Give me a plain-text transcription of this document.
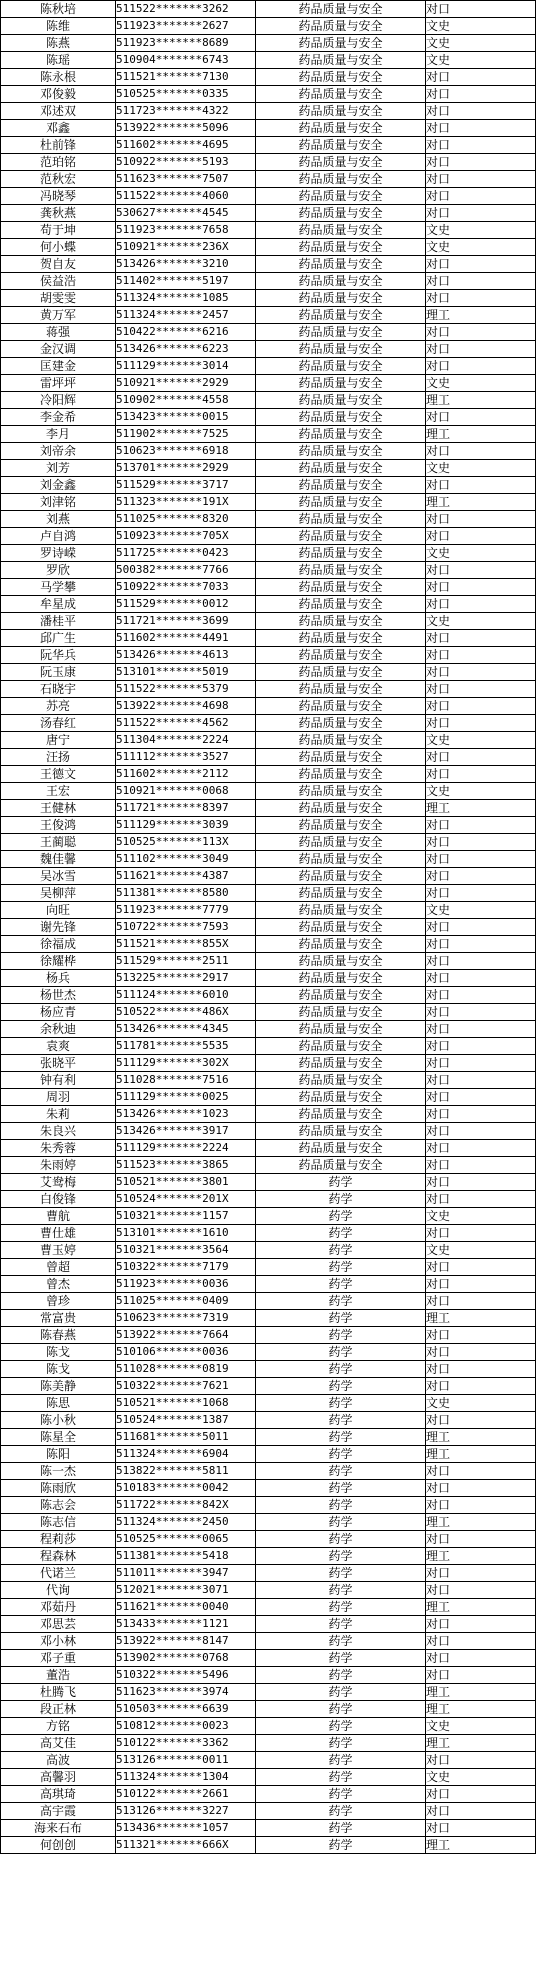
陈秋培	511522*******3262	药品质量与安全	对口
陈维	511923*******2627	药品质量与安全	文史
陈燕	511923*******8689	药品质量与安全	文史
陈瑶	510904*******6743	药品质量与安全	文史
陈永根	511521*******7130	药品质量与安全	对口
邓俊毅	510525*******0335	药品质量与安全	对口
邓述双	511723*******4322	药品质量与安全	对口
邓鑫	513922*******5096	药品质量与安全	对口
杜前锋	511602*******4695	药品质量与安全	对口
范珀铭	510922*******5193	药品质量与安全	对口
范秋宏	511623*******7507	药品质量与安全	对口
冯晓琴	511522*******4060	药品质量与安全	对口
龚秋燕	530627*******4545	药品质量与安全	对口
苟于坤	511923*******7658	药品质量与安全	文史
何小蝶	510921*******236X	药品质量与安全	文史
贺自友	513426*******3210	药品质量与安全	对口
侯益浩	511402*******5197	药品质量与安全	对口
胡雯雯	511324*******1085	药品质量与安全	对口
黄万军	511324*******2457	药品质量与安全	理工
蒋强	510422*******6216	药品质量与安全	对口
金汉调	513426*******6223	药品质量与安全	对口
匡建金	511129*******3014	药品质量与安全	对口
雷坪坪	510921*******2929	药品质量与安全	文史
冷阳辉	510902*******4558	药品质量与安全	理工
李金希	513423*******0015	药品质量与安全	对口
李月	511902*******7525	药品质量与安全	理工
刘帝余	510623*******6918	药品质量与安全	对口
刘芳	513701*******2929	药品质量与安全	文史
刘金鑫	511529*******3717	药品质量与安全	对口
刘津铭	511323*******191X	药品质量与安全	理工
刘燕	511025*******8320	药品质量与安全	对口
卢自鸿	510923*******705X	药品质量与安全	对口
罗诗嵘	511725*******0423	药品质量与安全	文史
罗欣	500382*******7766	药品质量与安全	对口
马学攀	510922*******7033	药品质量与安全	对口
牟星成	511529*******0012	药品质量与安全	对口
潘桂平	511721*******3699	药品质量与安全	文史
邱广生	511602*******4491	药品质量与安全	对口
阮华兵	513426*******4613	药品质量与安全	对口
阮玉康	513101*******5019	药品质量与安全	对口
石晓宇	511522*******5379	药品质量与安全	对口
苏亮	513922*******4698	药品质量与安全	对口
汤春红	511522*******4562	药品质量与安全	对口
唐宁	511304*******2224	药品质量与安全	文史
汪扬	511112*******3527	药品质量与安全	对口
王德文	511602*******2112	药品质量与安全	对口
王宏	510921*******0068	药品质量与安全	文史
王健林	511721*******8397	药品质量与安全	理工
王俊鸿	511129*******3039	药品质量与安全	对口
王蔺聪	510525*******113X	药品质量与安全	对口
魏佳馨	511102*******3049	药品质量与安全	对口
吴冰雪	511621*******4387	药品质量与安全	对口
吴柳萍	511381*******8580	药品质量与安全	对口
向旺	511923*******7779	药品质量与安全	文史
谢先锋	510722*******7593	药品质量与安全	对口
徐福成	511521*******855X	药品质量与安全	对口
徐耀桦	511529*******2511	药品质量与安全	对口
杨兵	513225*******2917	药品质量与安全	对口
杨世杰	511124*******6010	药品质量与安全	对口
杨应青	510522*******486X	药品质量与安全	对口
余秋迪	513426*******4345	药品质量与安全	对口
袁爽	511781*******5535	药品质量与安全	对口
张晓平	511129*******302X	药品质量与安全	对口
钟有利	511028*******7516	药品质量与安全	对口
周羽	511129*******0025	药品质量与安全	对口
朱莉	513426*******1023	药品质量与安全	对口
朱良兴	513426*******3917	药品质量与安全	对口
朱秀蓉	511129*******2224	药品质量与安全	对口
朱雨婷	511523*******3865	药品质量与安全	对口
艾鸯梅	510521*******3801	药学	对口
白俊锋	510524*******201X	药学	对口
曹航	510321*******1157	药学	文史
曹仕雄	513101*******1610	药学	对口
曹玉婷	510321*******3564	药学	文史
曾超	510322*******7179	药学	对口
曾杰	511923*******0036	药学	对口
曾珍	511025*******0409	药学	对口
常富贵	510623*******7319	药学	理工
陈春燕	513922*******7664	药学	对口
陈戈	510106*******0036	药学	对口
陈戈	511028*******0819	药学	对口
陈美静	510322*******7621	药学	对口
陈思	510521*******1068	药学	文史
陈小秋	510524*******1387	药学	对口
陈星全	511681*******5011	药学	理工
陈阳	511324*******6904	药学	理工
陈一杰	513822*******5811	药学	对口
陈雨欣	510183*******0042	药学	对口
陈志会	511722*******842X	药学	对口
陈志信	511324*******2450	药学	理工
程莉莎	510525*******0065	药学	对口
程森林	511381*******5418	药学	理工
代诺兰	511011*******3947	药学	对口
代询	512021*******3071	药学	对口
邓茹丹	511621*******0040	药学	理工
邓思芸	513433*******1121	药学	对口
邓小林	513922*******8147	药学	对口
邓子重	513902*******0768	药学	对口
董浩	510322*******5496	药学	对口
杜腾飞	511623*******3974	药学	理工
段正林	510503*******6639	药学	理工
方铭	510812*******0023	药学	文史
高艾佳	510122*******3362	药学	理工
高波	513126*******0011	药学	对口
高馨羽	511324*******1304	药学	文史
高琪琦	510122*******2661	药学	对口
高宇霞	513126*******3227	药学	对口
海来石布	513436*******1057	药学	对口
何创创	511321*******666X	药学	理工
